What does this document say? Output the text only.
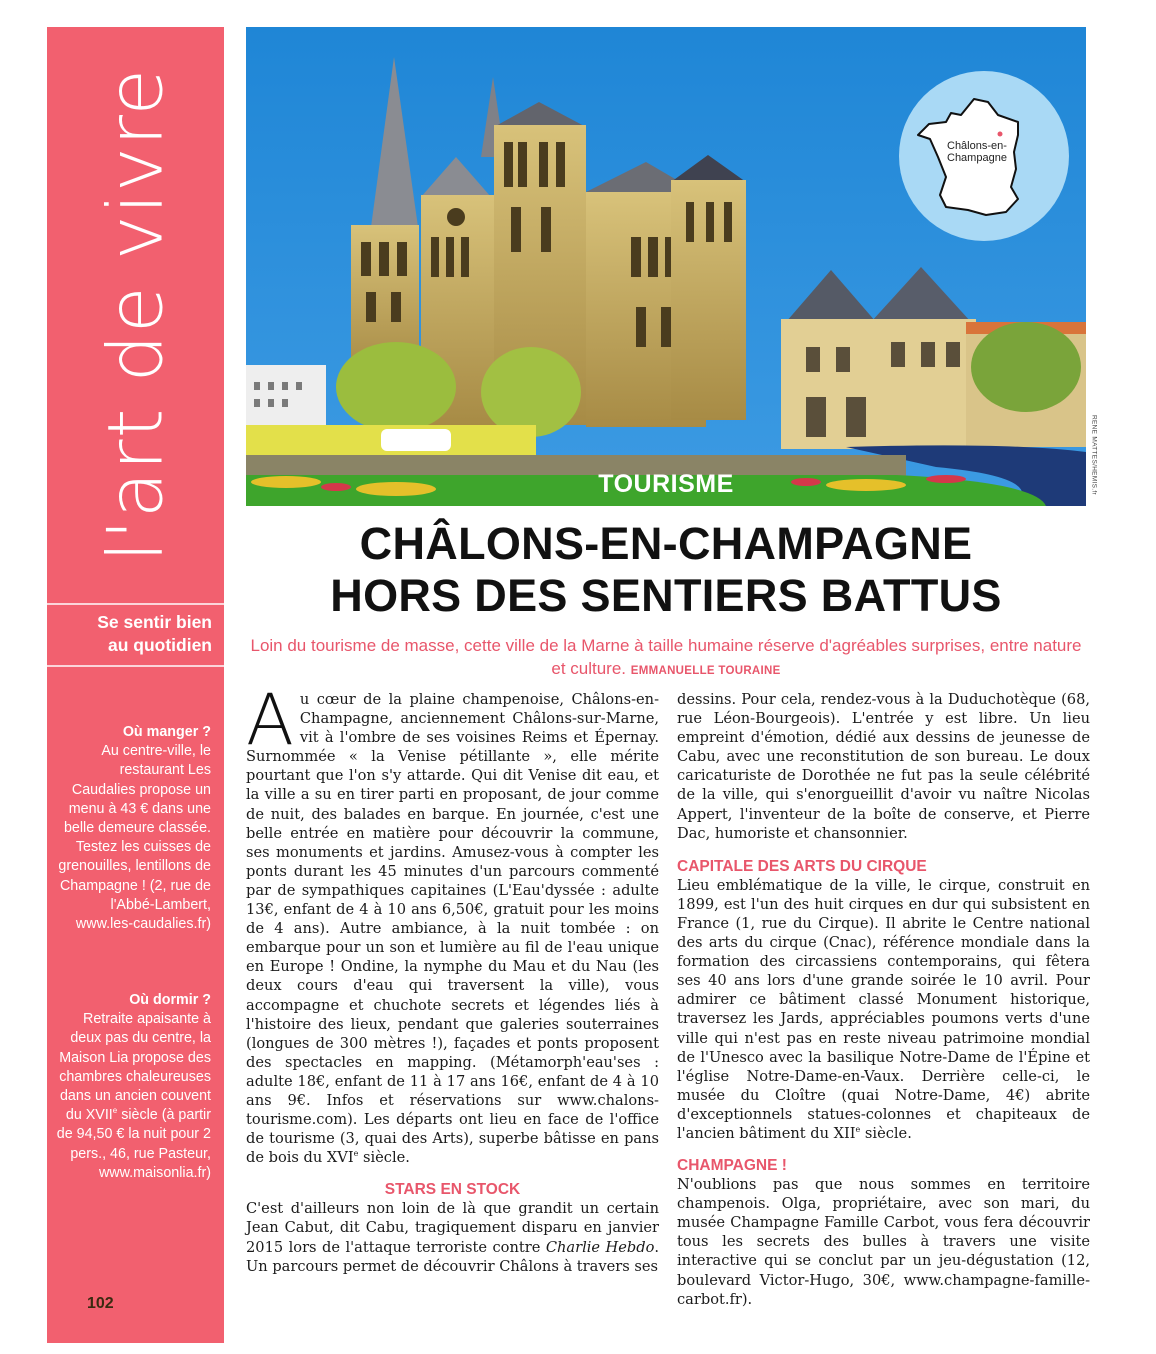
l'art de vivre
Se sentir bien
au quotidien
Où manger ?
Au centre-ville, le restaurant Les Caudalies propose un menu à 43 € dans une belle demeure classée. Testez les cuisses de grenouilles, lentillons de Champagne ! (2, rue de l'Abbé-Lambert, www.les-caudalies.fr)
Où dormir ?
Retraite apaisante à deux pas du centre, la Maison Lia propose des chambres chaleureuses dans un ancien couvent du XVIIe siècle (à partir de 94,50 € la nuit pour 2 pers., 46, rue Pasteur, www.maisonlia.fr)
102
TOURISME
Châlons-en-
Champagne
RENE MATTES/HEMIS.fr
CHÂLONS-EN-CHAMPAGNE
HORS DES SENTIERS BATTUS
Loin du tourisme de masse, cette ville de la Marne à taille humaine réserve d'agréables surprises, entre nature et culture. EMMANUELLE TOURAINE

Au cœur de la plaine champenoise, Châlons-en-Champagne, anciennement Châlons-sur-Marne, vit à l'ombre de ses voisines Reims et Épernay. Surnommée « la Venise pétillante », elle mérite pourtant que l'on s'y attarde. Qui dit Venise dit eau, et la ville a su en tirer parti en proposant, de jour comme de nuit, des balades en barque. En journée, c'est une belle entrée en matière pour découvrir la commune, ses monuments et jardins. Amusez-vous à compter les ponts durant les 45 minutes d'un parcours commenté par de sympathiques capitaines (L'Eau'dyssée : adulte 13€, enfant de 4 à 10 ans 6,50€, gratuit pour les moins de 4 ans). Autre ambiance, à la nuit tombée : on embarque pour un son et lumière au fil de l'eau unique en Europe ! Ondine, la nymphe du Mau et du Nau (les deux cours d'eau qui traversent la ville), vous accompagne et chuchote secrets et légendes liés à l'histoire des lieux, pendant que galeries souterraines (longues de 300 mètres !), façades et ponts proposent des spectacles en mapping. (Métamorph'eau'ses : adulte 18€, enfant de 11 à 17 ans 16€, enfant de 4 à 10 ans 9€. Infos et réservations sur www.chalons-tourisme.com). Les départs ont lieu en face de l'office de tourisme (3, quai des Arts), superbe bâtisse en pans de bois du XVIe siècle.

STARS EN STOCK

C'est d'ailleurs non loin de là que grandit un certain Jean Cabut, dit Cabu, tragiquement disparu en janvier 2015 lors de l'attaque terroriste contre Charlie Hebdo. Un parcours permet de découvrir Châlons à travers ses

dessins. Pour cela, rendez-vous à la Duduchotèque (68, rue Léon-Bourgeois). L'entrée y est libre. Un lieu empreint d'émotion, dédié aux dessins de jeunesse de Cabu, avec une reconstitution de son bureau. Le doux caricaturiste de Dorothée ne fut pas la seule célébrité de la ville, qui s'enorgueillit d'avoir vu naître Nicolas Appert, l'inventeur de la boîte de conserve, et Pierre Dac, humoriste et chansonnier.

CAPITALE DES ARTS DU CIRQUE

Lieu emblématique de la ville, le cirque, construit en 1899, est l'un des huit cirques en dur qui subsistent en France (1, rue du Cirque). Il abrite le Centre national des arts du cirque (Cnac), référence mondiale dans la formation des circassiens contemporains, qui fêtera ses 40 ans lors d'une grande soirée le 10 avril. Pour admirer ce bâtiment classé Monument historique, traversez les Jards, appréciables poumons verts d'une ville qui n'est pas en reste niveau patrimoine mondial de l'Unesco avec la basilique Notre-Dame de l'Épine et l'église Notre-Dame-en-Vaux. Derrière celle-ci, le musée du Cloître (quai Notre-Dame, 4€) abrite d'exceptionnels statues-colonnes et chapiteaux de l'ancien bâtiment du XIIe siècle.

CHAMPAGNE !

N'oublions pas que nous sommes en territoire champenois. Olga, propriétaire, avec son mari, du musée Champagne Famille Carbot, vous fera découvrir tous les secrets des bulles à travers une visite interactive qui se conclut par un jeu-dégustation (12, boulevard Victor-Hugo, 30€, www.champagne-famille-carbot.fr).
